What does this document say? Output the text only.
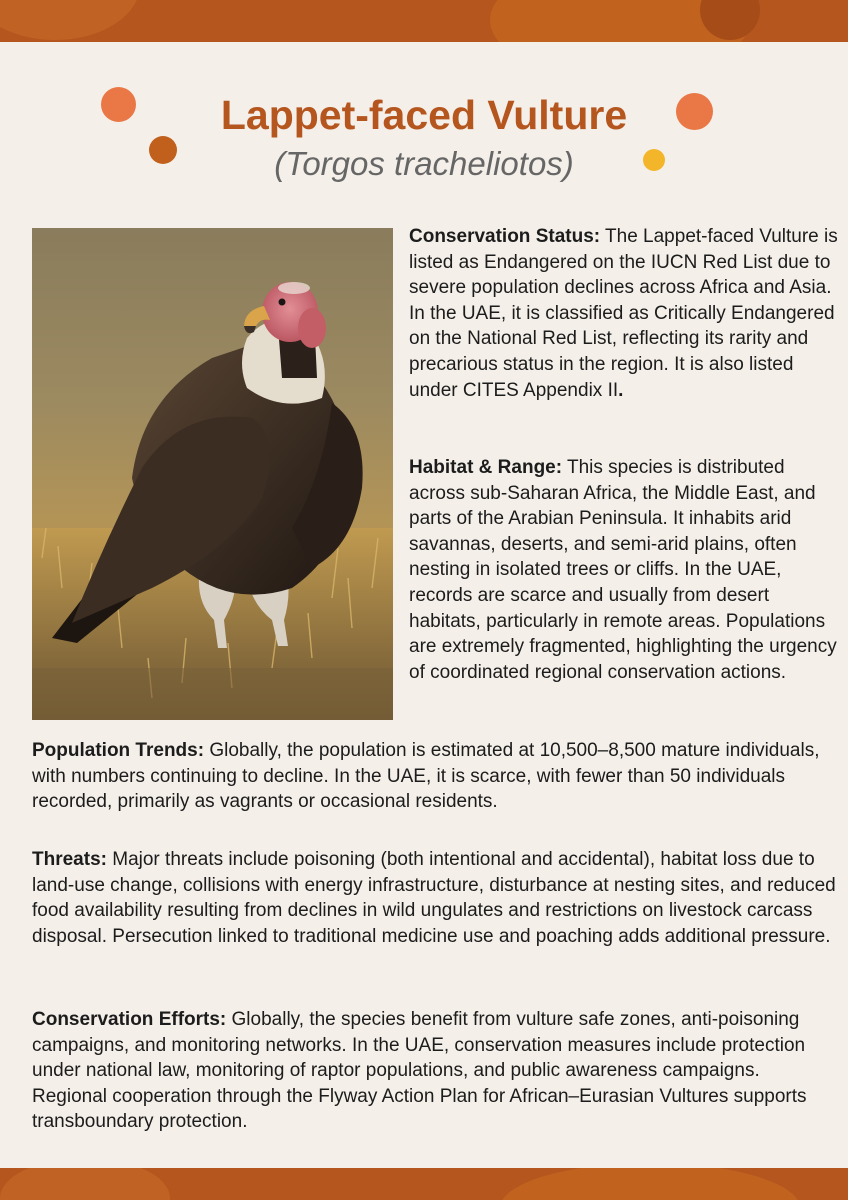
Lappet-faced Vulture
(Torgos tracheliotos)

Conservation Status: The Lappet-faced Vulture is listed as Endangered on the IUCN Red List due to severe population declines across Africa and Asia. In the UAE, it is classified as Critically Endangered on the National Red List, reflecting its rarity and precarious status in the region. It is also listed under CITES Appendix II.

Habitat & Range: This species is distributed across sub-Saharan Africa, the Middle East, and parts of the Arabian Peninsula. It inhabits arid savannas, deserts, and semi-arid plains, often nesting in isolated trees or cliffs. In the UAE, records are scarce and usually from desert habitats, particularly in remote areas. Populations are extremely fragmented, highlighting the urgency of coordinated regional conservation actions.

Population Trends: Globally, the population is estimated at 10,500–8,500 mature individuals, with numbers continuing to decline. In the UAE, it is scarce, with fewer than 50 individuals recorded, primarily as vagrants or occasional residents.

Threats: Major threats include poisoning (both intentional and accidental), habitat loss due to land-use change, collisions with energy infrastructure, disturbance at nesting sites, and reduced food availability resulting from declines in wild ungulates and restrictions on livestock carcass disposal. Persecution linked to traditional medicine use and poaching adds additional pressure.

Conservation Efforts: Globally, the species benefit from vulture safe zones, anti-poisoning campaigns, and monitoring networks. In the UAE, conservation measures include protection under national law, monitoring of raptor populations, and public awareness campaigns. Regional cooperation through the Flyway Action Plan for African–Eurasian Vultures supports transboundary protection.
